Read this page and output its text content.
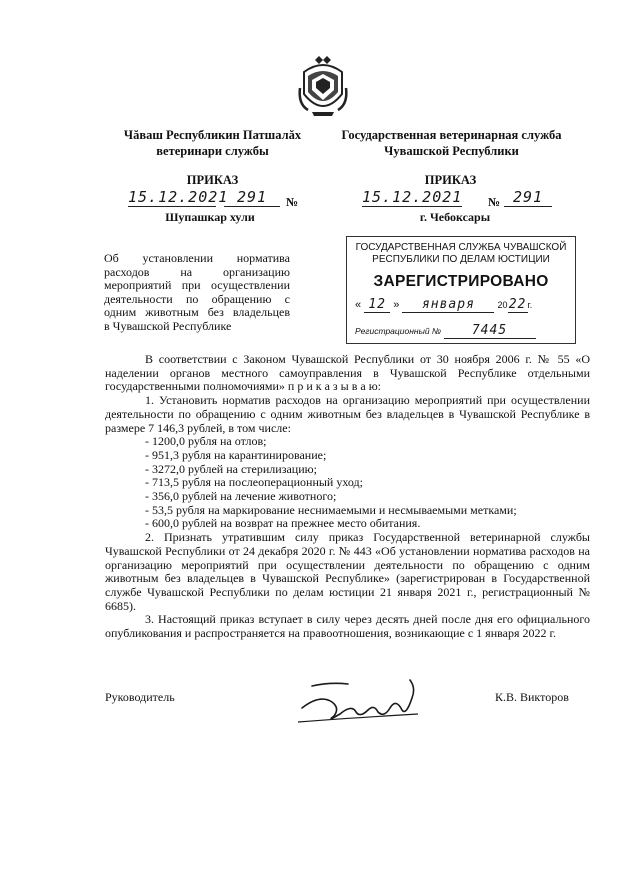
Чăваш Республикин Патшалăх
ветеринари службы
Государственная ветеринарная служба
Чувашской Республики
ПРИКАЗ	ПРИКАЗ
15.12.2021 291	№	15.12.2021 № 291
Шупашкар хули	г. Чебоксары
Об установлении норматива
расходов на организацию
мероприятий при осуществлении
деятельности по обращению с
одним животным без владельцев
в Чувашской Республике
ГОСУДАРСТВЕННАЯ СЛУЖБА ЧУВАШСКОЙ
РЕСПУБЛИКИ ПО ДЕЛАМ ЮСТИЦИИ
ЗАРЕГИСТРИРОВАНО
« 12 » января	2022г.
Регистрационный № 7445

В соответствии с Законом Чувашской Республики от 30 ноября 2006 г. № 55 «О наделении органов местного самоуправления в Чувашской Республике отдельными государственными полномочиями» п р и к а з ы в а ю:

1. Установить норматив расходов на организацию мероприятий при осуществлении деятельности по обращению с одним животным без владельцев в Чувашской Республике в размере 7 146,3 рублей, в том числе:

- 1200,0 рубля на отлов;

- 951,3 рубля на карантинирование;

- 3272,0 рублей на стерилизацию;

- 713,5 рубля на послеоперационный уход;

- 356,0 рублей на лечение животного;

- 53,5 рубля на маркирование неснимаемыми и несмываемыми метками;

- 600,0 рублей на возврат на прежнее место обитания.

2. Признать утратившим силу приказ Государственной ветеринарной службы Чувашской Республики от 24 декабря 2020 г. № 443 «Об установлении норматива расходов на организацию мероприятий при осуществлении деятельности по обращению с одним животным без владельцев в Чувашской Республике» (зарегистрирован в Государственной службе Чувашской Республики по делам юстиции 21 января 2021 г., регистрационный № 6685).

3. Настоящий приказ вступает в силу через десять дней после дня его официального опубликования и распространяется на правоотношения, возникающие с 1 января 2022 г.

Руководитель	К.В. Викторов
